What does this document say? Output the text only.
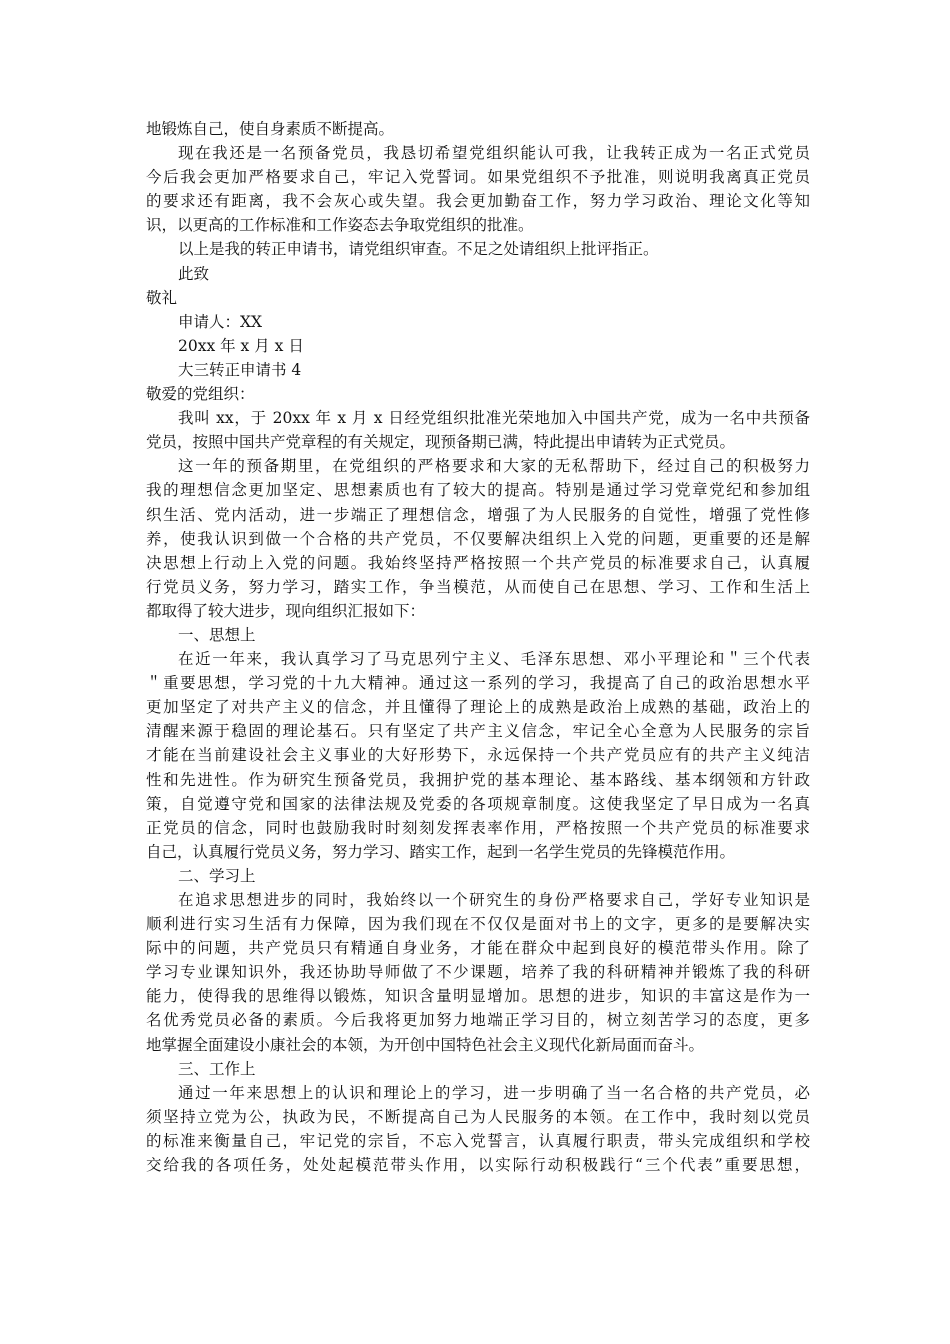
地锻炼自己，使自身素质不断提高。
现在我还是一名预备党员，我恳切希望党组织能认可我，让我转正成为一名正式党员
今后我会更加严格要求自己，牢记入党誓词。如果党组织不予批准，则说明我离真正党员
的要求还有距离，我不会灰心或失望。我会更加勤奋工作，努力学习政治、理论文化等知
识，以更高的工作标准和工作姿态去争取党组织的批准。
以上是我的转正申请书，请党组织审查。不足之处请组织上批评指正。
此致
敬礼
申请人：XX
20xx 年 x 月 x 日
大三转正申请书 4
敬爱的党组织：
我叫 xx，于 20xx 年 x 月 x 日经党组织批准光荣地加入中国共产党，成为一名中共预备
党员，按照中国共产党章程的有关规定，现预备期已满，特此提出申请转为正式党员。
这一年的预备期里，在党组织的严格要求和大家的无私帮助下，经过自己的积极努力
我的理想信念更加坚定、思想素质也有了较大的提高。特别是通过学习党章党纪和参加组
织生活、党内活动，进一步端正了理想信念，增强了为人民服务的自觉性，增强了党性修
养，使我认识到做一个合格的共产党员，不仅要解决组织上入党的问题，更重要的还是解
决思想上行动上入党的问题。我始终坚持严格按照一个共产党员的标准要求自己，认真履
行党员义务，努力学习，踏实工作，争当模范，从而使自己在思想、学习、工作和生活上
都取得了较大进步，现向组织汇报如下：
一、思想上
在近一年来，我认真学习了马克思列宁主义、毛泽东思想、邓小平理论和＂三个代表
＂重要思想，学习党的十九大精神。通过这一系列的学习，我提高了自己的政治思想水平
更加坚定了对共产主义的信念，并且懂得了理论上的成熟是政治上成熟的基础，政治上的
清醒来源于稳固的理论基石。只有坚定了共产主义信念，牢记全心全意为人民服务的宗旨
才能在当前建设社会主义事业的大好形势下，永远保持一个共产党员应有的共产主义纯洁
性和先进性。作为研究生预备党员，我拥护党的基本理论、基本路线、基本纲领和方针政
策，自觉遵守党和国家的法律法规及党委的各项规章制度。这使我坚定了早日成为一名真
正党员的信念，同时也鼓励我时时刻刻发挥表率作用，严格按照一个共产党员的标准要求
自己，认真履行党员义务，努力学习、踏实工作，起到一名学生党员的先锋模范作用。
二、学习上
在追求思想进步的同时，我始终以一个研究生的身份严格要求自己，学好专业知识是
顺利进行实习生活有力保障，因为我们现在不仅仅是面对书上的文字，更多的是要解决实
际中的问题，共产党员只有精通自身业务，才能在群众中起到良好的模范带头作用。除了
学习专业课知识外，我还协助导师做了不少课题，培养了我的科研精神并锻炼了我的科研
能力，使得我的思维得以锻炼，知识含量明显增加。思想的进步，知识的丰富这是作为一
名优秀党员必备的素质。今后我将更加努力地端正学习目的，树立刻苦学习的态度，更多
地掌握全面建设小康社会的本领，为开创中国特色社会主义现代化新局面而奋斗。
三、工作上
通过一年来思想上的认识和理论上的学习，进一步明确了当一名合格的共产党员，必
须坚持立党为公，执政为民，不断提高自己为人民服务的本领。在工作中，我时刻以党员
的标准来衡量自己，牢记党的宗旨，不忘入党誓言，认真履行职责，带头完成组织和学校
交给我的各项任务，处处起模范带头作用，以实际行动积极践行“三个代表”重要思想，
